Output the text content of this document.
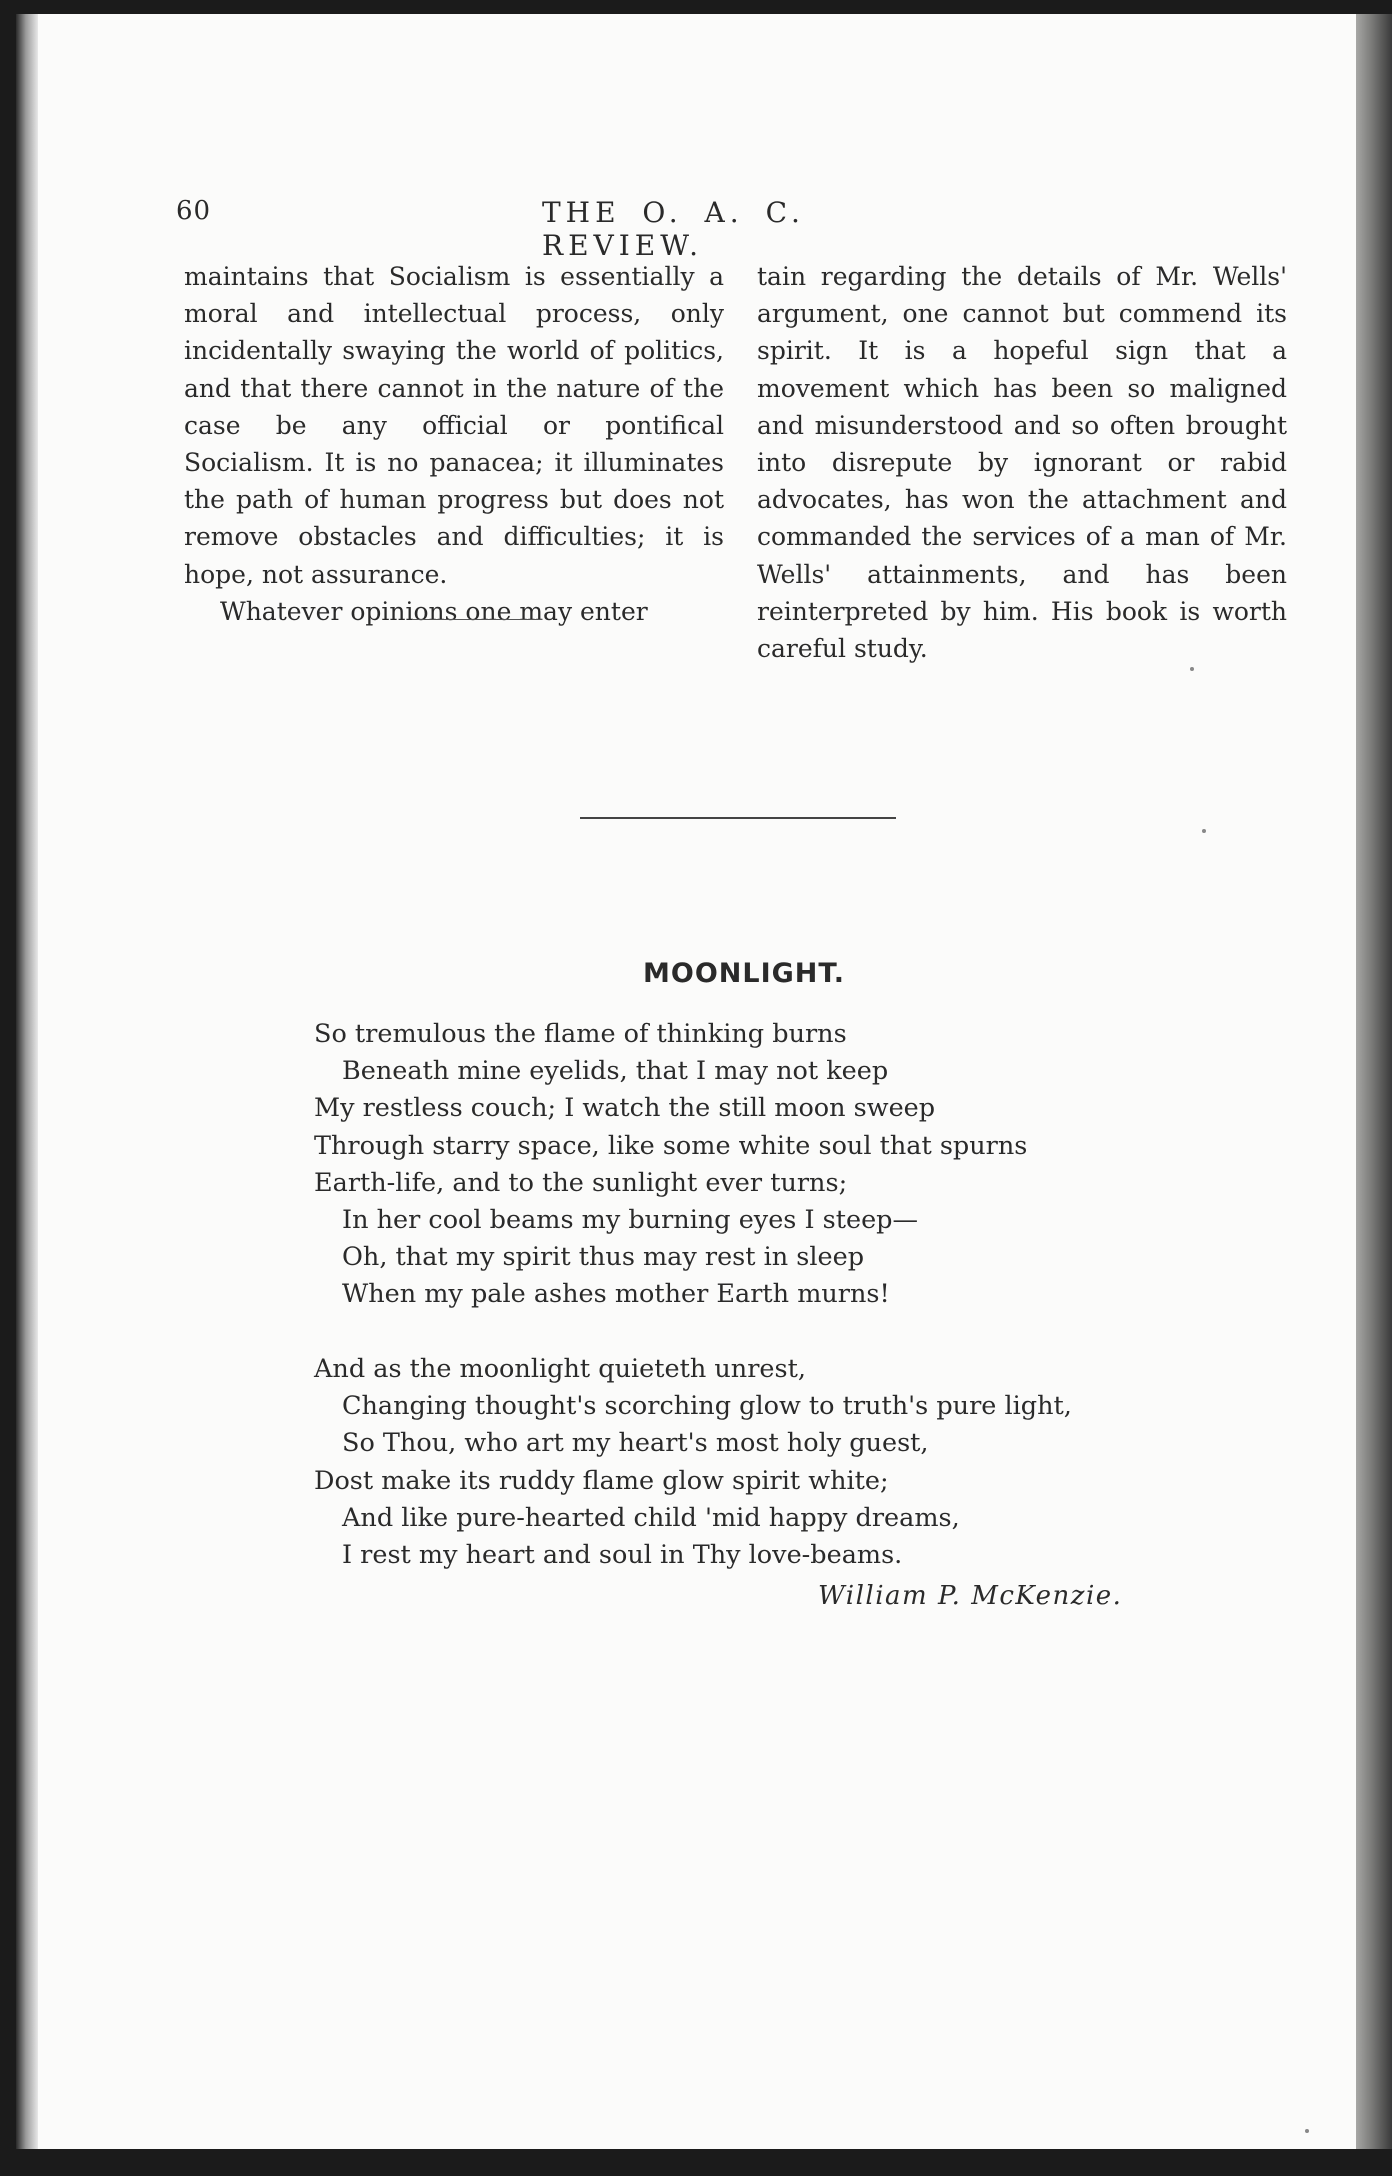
60	THE O. A. C. REVIEW.

maintains that Socialism is essentially a moral and intellectual process, only incidentally swaying the world of politics, and that there cannot in the nature of the case be any official or pontifical Socialism. It is no panacea; it illuminates the path of human progress but does not remove obstacles and difficulties; it is hope, not assurance.

Whatever opinions one may enter

tain regarding the details of Mr. Wells' argument, one cannot but commend its spirit. It is a hopeful sign that a movement which has been so maligned and misunderstood and so often brought into disrepute by ignorant or rabid advocates, has won the attachment and commanded the services of a man of Mr. Wells' attainments, and has been reinterpreted by him. His book is worth careful study.

MOONLIGHT.
So tremulous the flame of thinking burns
Beneath mine eyelids, that I may not keep
My restless couch; I watch the still moon sweep
Through starry space, like some white soul that spurns
Earth-life, and to the sunlight ever turns;
In her cool beams my burning eyes I steep—
Oh, that my spirit thus may rest in sleep
When my pale ashes mother Earth murns!
And as the moonlight quieteth unrest,
Changing thought's scorching glow to truth's pure light,
So Thou, who art my heart's most holy guest,
Dost make its ruddy flame glow spirit white;
And like pure-hearted child 'mid happy dreams,
I rest my heart and soul in Thy love-beams.
William P. McKenzie.
